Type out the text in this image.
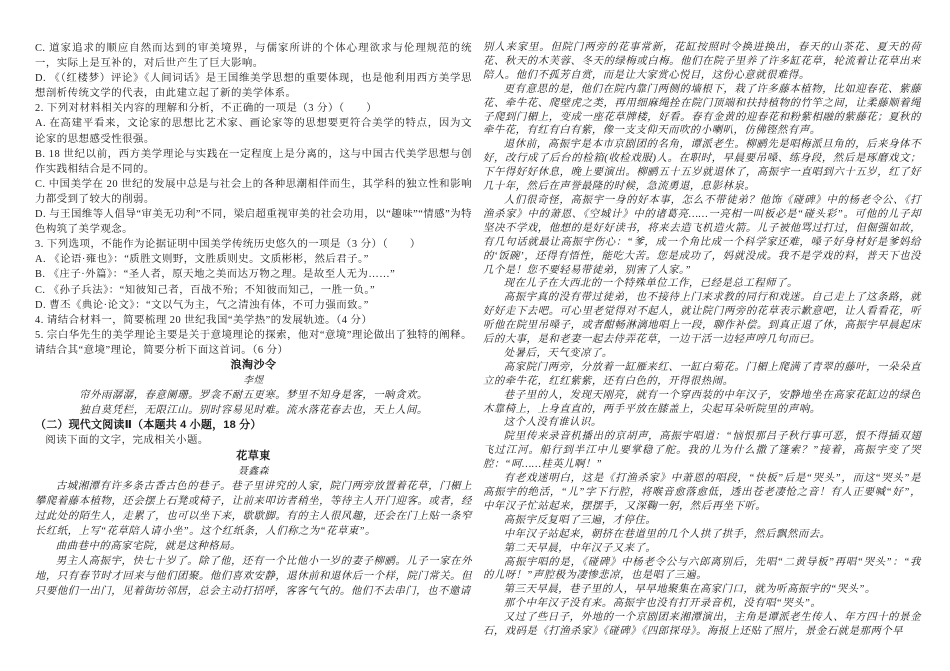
C. 道家追求的顺应自然而达到的审美境界，与儒家所讲的个体心理欲求与伦理规范的统一，实际上是互补的，对后世产生了巨大影响。
D. 《（红楼梦）评论》《人间词话》是王国维美学思想的重要体现，也是他利用西方美学思想剖析传统文学的代表，由此建立起了新的美学体系。
2. 下列对材料相关内容的理解和分析，不正确的一项是（3 分）（　　）
A. 在高建平看来，文论家的思想比艺术家、画论家等的思想要更符合美学的特点，因为文论家的思想感受性很强。
B. 18 世纪以前，西方美学理论与实践在一定程度上是分离的，这与中国古代美学思想与创作实践相结合是不同的。
C. 中国美学在 20 世纪的发展中总是与社会上的各种思潮相伴而生，其学科的独立性和影响力都受到了较大的削弱。
D. 与王国维等人倡导“审美无功利”不同，梁启超重视审美的社会功用，以“趣味”“情感”为特色构筑了美学观念。
3. 下列选项，不能作为论据证明中国美学传统历史悠久的一项是（3 分）（　　）
A. 《论语·雍也》：“质胜文则野，文胜质则史。文质彬彬，然后君子。”
B. 《庄子·外篇》：“圣人者，原天地之美而达万物之理。是故至人无为……”
C. 《孙子兵法》：“知彼知己者，百战不殆；不知彼而知己，一胜一负。”
D. 曹丕《典论·论文》：“文以气为主，气之清浊有体，不可力强而致。”
4. 请结合材料一，简要梳理 20 世纪我国“美学热”的发展轨迹。（4 分）
5. 宗白华先生的美学理论主要是关于意境理论的探索，他对“意境”理论做出了独特的阐释。请结合其“意境”理论，简要分析下面这首词。（6 分）
浪淘沙令
李煜
帘外雨潺潺，春意阑珊。罗衾不耐五更寒。梦里不知身是客，一晌贪欢。
独自莫凭栏，无限江山。别时容易见时难。流水落花春去也，天上人间。
（二）现代文阅读Ⅱ（本题共 4 小题，18 分）
阅读下面的文字，完成相关小题。
花草東
聂鑫森
古城湘潭有许多条古香古色的巷子。巷子里讲究的人家，院门两旁放置着花草，门楣上攀爬着藤本植物，还会摆上石凳或椅子，让前来叩访者稍坐，等待主人开门迎客。或者，经过此处的陌生人，走累了，也可以坐下来，歇歇脚。有的主人很风趣，还会在门上贴一条窄长红纸，上写“花草陪人请小坐”。这个红纸条，人们称之为“花草東”。
曲曲巷中的高家宅院，就是这种格局。
男主人高振宇，快七十岁了。除了他，还有一个比他小一岁的妻子柳鹂。儿子一家在外地，只有春节时才回来与他们团聚。他们喜欢安静，退休前和退休后一个样，院门常关。但只要他们一出门，见着街坊邻居，总会主动打招呼，客客气气的。他们不去串门，也不邀请
别人来家里。但院门两旁的花事常新，花缸按照时令换进换出，春天的山茶花、夏天的荷花、秋天的木芙蓉、冬天的绿梅或白梅。他们在院子里养了许多缸花草，轮流着让花草出来陪人。他们不孤芳自赏，而是让大家赏心悦目，这份心意就很难得。
更有意思的是，他们在院内靠门两侧的墙根下，栽了许多藤本植物，比如迎春花、紫藤花、牵牛花、爬壁虎之类，再用细麻绳拴在院门顶端和扶持植物的竹竿之间，让柔藤顺着绳子爬到门楣上，变成一座花草牌楼，好看。春有金黄的迎春花和粉紫相融的紫藤花；夏秋的牵牛花，有红有白有紫，像一支支仰天而吹的小喇叭，仿佛铿然有声。
退休前，高振宇是本市京剧团的名角，谭派老生。柳鹂先是唱梅派旦角的，后来身体不好，改行成了后台的检箱(收检戏服)人。在职时，早晨要吊嗓、练身段，然后是琢磨戏文；下午得好好休息，晚上要演出。柳鹂五十五岁就退休了，高振宇一直唱到六十五岁，红了好几十年，然后在声誉最隆的时候，急流勇退，息影林泉。
人们很奇怪，高振宇一身的好本事，怎么不带徒弟？他饰《碰碑》中的杨老令公、《打渔杀家》中的萧恩、《空城计》中的诸葛亮……一亮相一叫板必是“碰头彩”。可他的儿子却坚决不学戏，他想的是好好读书，将来去造飞机造火箭。儿子被他骂过打过，但倔强如故，有几句话就最让高振宇伤心：“爹，成一个角比成一个科学家还难，嗓子好身材好是爹妈给的‘饭碗’，还得有悟性，能吃大苦。您是成功了，妈就没成。我不是学戏的料，普天下也没几个是！您不要轻易带徒弟，别害了人家。”
现在儿子在大西北的一个特殊单位工作，已经是总工程师了。
高振宇真的没有带过徒弟，也不接待上门来求教的同行和戏迷。自己走上了这条路，就好好走下去吧。可心里老觉得对不起人，就让院门两旁的花草表示歉意吧，让人看看花，听听他在院里吊嗓子，或者酣畅淋漓地唱上一段，聊作补偿。到真正退了休，高振宇早晨起床后的大事，是和老妻一起去侍弄花草，一边干活一边轻声哼几句而已。
处暑后，天气变凉了。
高家院门两旁，分放着一缸雁来红、一缸白菊花。门楣上爬满了青翠的藤叶，一朵朵直立的牵牛花，红红紫紫，还有白色的，开得很热闹。
巷子里的人，发现天刚亮，就有一个穿西装的中年汉子，安静地坐在高家花缸边的绿色木靠椅上，上身直直的，两手平放在膝盖上，尖起耳朵听院里的声响。
这个人没有谁认识。
院里传来录音机播出的京胡声，高振宇唱道：“恼恨那吕子秋行事可恶，恨不得插双翅飞过江河。船行到半江中儿要掌稳了舵。我的儿为什么撒了篷索？”接着，高振宇变了哭腔：“呵……桂英儿啊！”
有老戏迷明白，这是《打渔杀家》中萧恩的唱段，“快板”后是“哭头”，而这“哭头”是高振宇的绝活，“儿”字下行腔，将喉音愈落愈低，透出苍老凄怆之音！有人正要喊“好”，中年汉子忙站起来，摆摆手，又深鞠一躬，然后再坐下听。
高振宇反复唱了三遍，才停住。
中年汉子站起来，朝挤在巷道里的几个人拱了拱手，然后飘然而去。
第二天早晨，中年汉子又来了。
高振宇唱的是，《碰碑》中杨老令公与六郎离别后，先唱“二黄导板”再唱“哭头”：“我的儿呀！”声腔极为凄惨悲凉，也是唱了三遍。
第三天早晨，巷子里的人，早早地聚集在高家门口，就为听高振宇的“哭头”。
那个中年汉子没有来。高振宇也没有打开录音机，没有唱“哭头”。
又过了些日子，外地的一个京剧团来湘潭演出，主角是谭派老生传人、年方四十的景金石，戏码是《打渔杀家》《碰碑》《四郎探母》。海报上还贴了照片，景金石就是那两个早
